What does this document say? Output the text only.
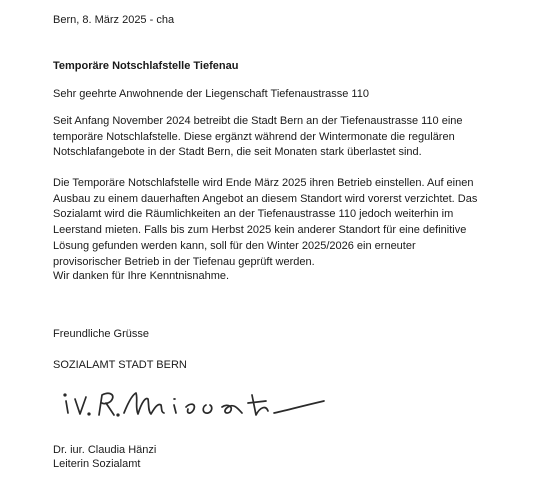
Bern, 8. März 2025 - cha
Temporäre Notschlafstelle Tiefenau
Sehr geehrte Anwohnende der Liegenschaft Tiefenaustrasse 110
Seit Anfang November 2024 betreibt die Stadt Bern an der Tiefenaustrasse 110 eine
temporäre Notschlafstelle. Diese ergänzt während der Wintermonate die regulären
Notschlafangebote in der Stadt Bern, die seit Monaten stark überlastet sind.
Die Temporäre Notschlafstelle wird Ende März 2025 ihren Betrieb einstellen. Auf einen
Ausbau zu einem dauerhaften Angebot an diesem Standort wird vorerst verzichtet. Das
Sozialamt wird die Räumlichkeiten an der Tiefenaustrasse 110 jedoch weiterhin im
Leerstand mieten. Falls bis zum Herbst 2025 kein anderer Standort für eine definitive
Lösung gefunden werden kann, soll für den Winter 2025/2026 ein erneuter
provisorischer Betrieb in der Tiefenau geprüft werden.
Wir danken für Ihre Kenntnisnahme.
Freundliche Grüsse
SOZIALAMT STADT BERN
Dr. iur. Claudia Hänzi
Leiterin Sozialamt
